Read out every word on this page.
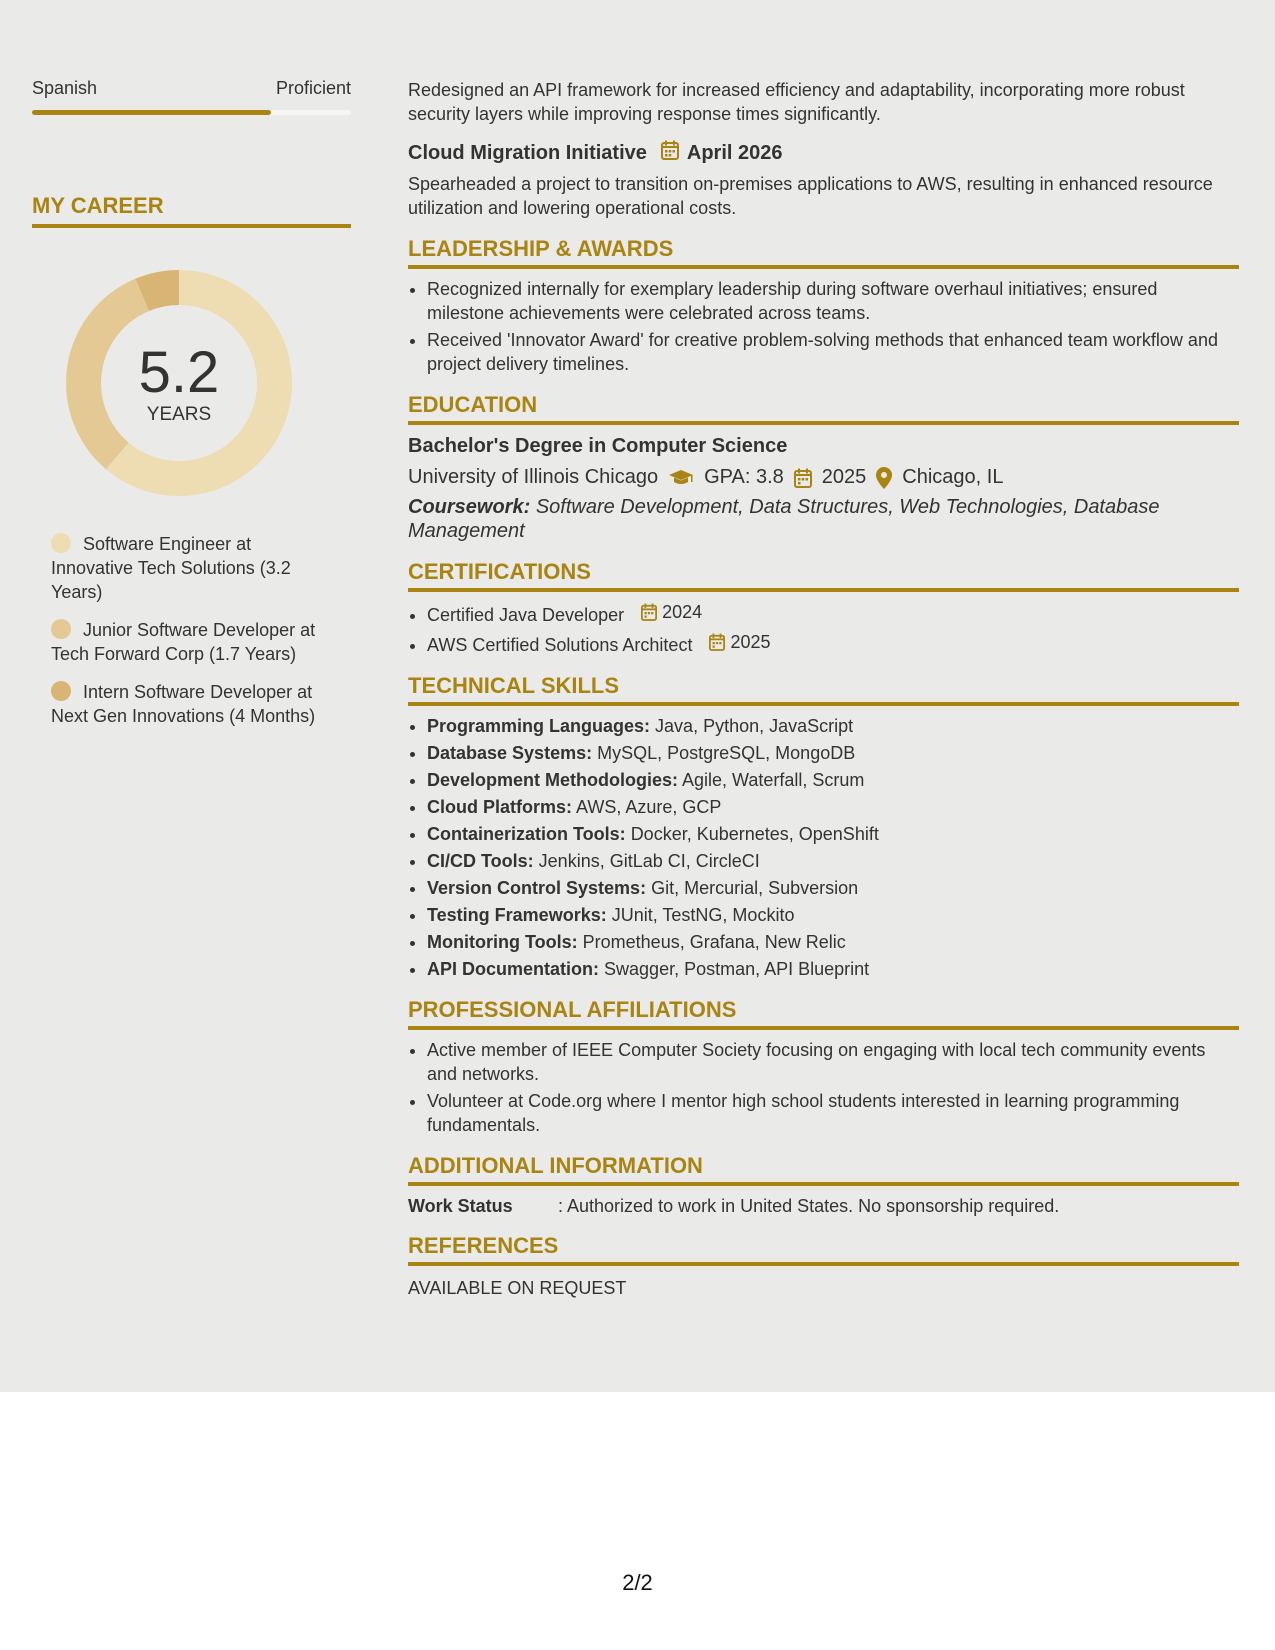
Spanish	Proficient
MY CAREER
5.2
YEARS
Software Engineer at Innovative Tech Solutions (3.2 Years)
Junior Software Developer at Tech Forward Corp (1.7 Years)
Intern Software Developer at Next Gen Innovations (4 Months)
Redesigned an API framework for increased efficiency and adaptability, incorporating more robust security layers while improving response times significantly.
Cloud Migration Initiative April 2026
Spearheaded a project to transition on-premises applications to AWS, resulting in enhanced resource utilization and lowering operational costs.
LEADERSHIP & AWARDS
• Recognized internally for exemplary leadership during software overhaul initiatives; ensured milestone achievements were celebrated across teams.
• Received 'Innovator Award' for creative problem-solving methods that enhanced team workflow and project delivery timelines.
EDUCATION
Bachelor's Degree in Computer Science
University of Illinois Chicago GPA: 3.8 2025 Chicago, IL
Coursework: Software Development, Data Structures, Web Technologies, Database Management
CERTIFICATIONS
• Certified Java Developer 2024
• AWS Certified Solutions Architect 2025
TECHNICAL SKILLS
• Programming Languages: Java, Python, JavaScript
• Database Systems: MySQL, PostgreSQL, MongoDB
• Development Methodologies: Agile, Waterfall, Scrum
• Cloud Platforms: AWS, Azure, GCP
• Containerization Tools: Docker, Kubernetes, OpenShift
• CI/CD Tools: Jenkins, GitLab CI, CircleCI
• Version Control Systems: Git, Mercurial, Subversion
• Testing Frameworks: JUnit, TestNG, Mockito
• Monitoring Tools: Prometheus, Grafana, New Relic
• API Documentation: Swagger, Postman, API Blueprint
PROFESSIONAL AFFILIATIONS
• Active member of IEEE Computer Society focusing on engaging with local tech community events and networks.
• Volunteer at Code.org where I mentor high school students interested in learning programming fundamentals.
ADDITIONAL INFORMATION
Work Status	: Authorized to work in United States. No sponsorship required.
REFERENCES
AVAILABLE ON REQUEST
2/2
